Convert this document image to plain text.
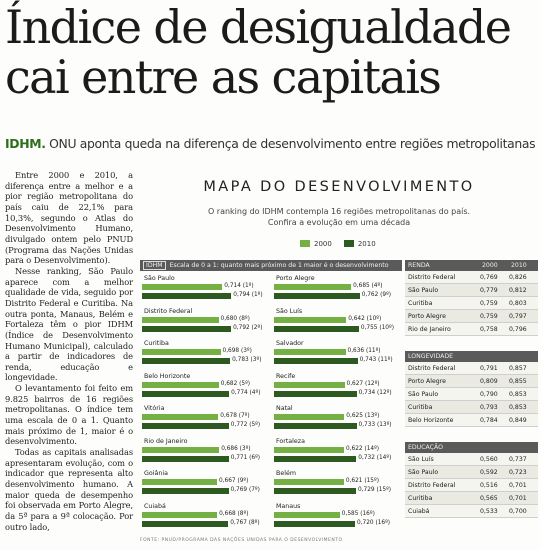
Índice de desigualdade cai entre as capitais
IDHM. ONU aponta queda na diferença de desenvolvimento entre regiões metropolitanas

Entre 2000 e 2010, a diferença entre a melhor e a pior região metropolitana do país caiu de 22,1% para 10,3%, segundo o Atlas do Desenvolvimento Humano, divulgado ontem pelo PNUD (Programa das Nações Unidas para o Desenvolvimento).

Nesse ranking, São Paulo aparece com a melhor qualidade de vida, seguido por Distrito Federal e Curitiba. Na outra ponta, Manaus, Belém e Fortaleza têm o pior IDHM (Índice de Desenvolvimento Humano Municipal), calculado a partir de indicadores de renda, educação e longevidade.

O levantamento foi feito em 9.825 bairros de 16 regiões metropolitanas. O índice tem uma escala de 0 a 1. Quanto mais próximo de 1, maior é o desenvolvimento.

Todas as capitais analisadas apresentaram evolução, com o indicador que representa alto desenvolvimento humano. A maior queda de desempenho foi observada em Porto Alegre, da 5ª para a 9ª colocação. Por outro lado,

MAPA DO DESENVOLVIMENTO
O ranking do IDHM contempla 16 regiões metropolitanas do país.
Confira a evolução em uma década
2000	2010
IDHM Escala de 0 a 1: quanto mais próximo de 1 maior é o desenvolvimento
São Paulo
0,714 (1º)
0,794 (1º)
Distrito Federal
0,680 (8º)
0,792 (2º)
Curitiba
0,698 (3º)
0,783 (3º)
Belo Horizonte
0,682 (5º)
0,774 (4º)
Vitória
0,678 (7º)
0,772 (5º)
Rio de Janeiro
0,686 (3º)
0,771 (6º)
Goiânia
0,667 (9º)
0,769 (7º)
Cuiabá
0,668 (8º)
0,767 (8º)
Porto Alegre
0,685 (4º)
0,762 (9º)
São Luís
0,642 (10º)
0,755 (10º)
Salvador
0,636 (11º)
0,743 (11º)
Recife
0,627 (12º)
0,734 (12º)
Natal
0,625 (13º)
0,733 (13º)
Fortaleza
0,622 (14º)
0,732 (14º)
Belém
0,621 (15º)
0,729 (15º)
Manaus
0,585 (16º)
0,720 (16º)
RENDA	2000 2010
Distrito Federal	0,769 0,826
São Paulo	0,779 0,812
Curitiba	0,759 0,803
Porto Alegre	0,759 0,797
Rio de Janeiro	0,758 0,796
LONGEVIDADE
Distrito Federal	0,791 0,857
Porto Alegre	0,809 0,855
São Paulo	0,790 0,853
Curitiba	0,793 0,853
Belo Horizonte	0,784 0,849
EDUCAÇÃO
São Luís	0,560 0,737
São Paulo	0,592 0,723
Distrito Federal	0,516 0,701
Curitiba	0,565 0,701
Cuiabá	0,533 0,700
FONTE: PNUD/PROGRAMA DAS NAÇÕES UNIDAS PARA O DESENVOLVIMENTO
